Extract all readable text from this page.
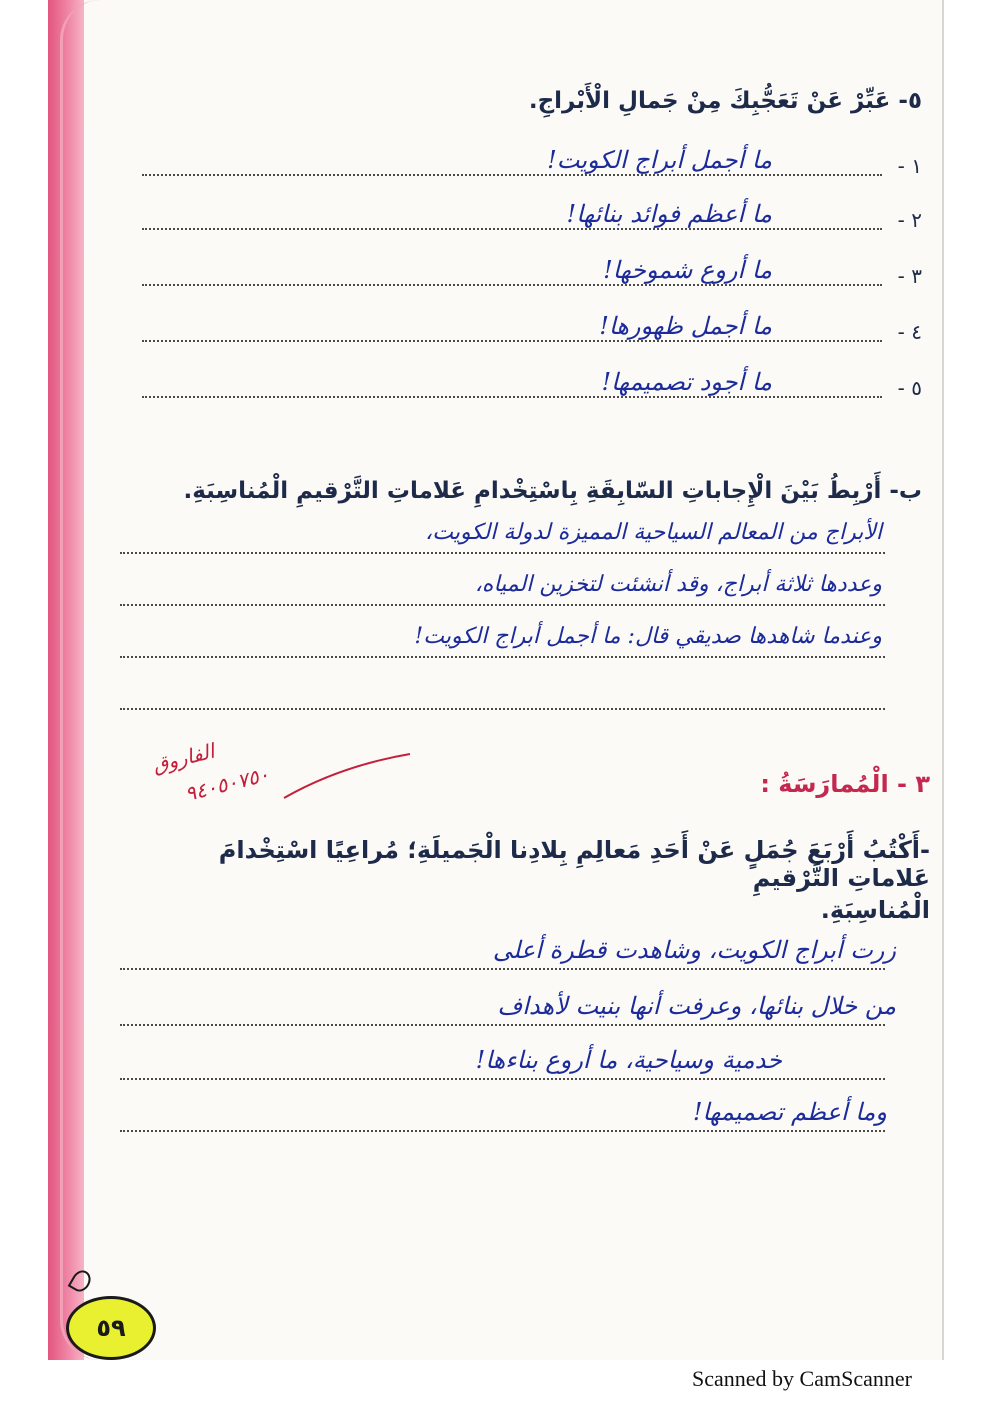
٥- عَبِّرْ عَنْ تَعَجُّبِكَ مِنْ جَمالِ الْأَبْراجِ.
١ -
ما أجمل أبراج الكويت!
٢ -
ما أعظم فوائد بنائها!
٣ -
ما أروع شموخها!
٤ -
ما أجمل ظهورها!
٥ -
ما أجود تصميمها!
ب- أَرْبِطُ بَيْنَ الْإِجاباتِ السّابِقَةِ بِاسْتِخْدامِ عَلاماتِ التَّرْقيمِ الْمُناسِبَةِ.
الأبراج من المعالم السياحية المميزة لدولة الكويت،
وعددها ثلاثة أبراج، وقد أنشئت لتخزين المياه،
وعندما شاهدها صديقي قال: ما أجمل أبراج الكويت!
الفاروق
٩٤٠٥٠٧٥٠	٣ - الْمُمارَسَةُ :
-أَكْتُبُ أَرْبَعَ جُمَلٍ عَنْ أَحَدِ مَعالِمِ بِلادِنا الْجَميلَةِ؛ مُراعِيًا اسْتِخْدامَ عَلاماتِ التَّرْقيمِ
الْمُناسِبَةِ.
زرت أبراج الكويت، وشاهدت قطرة أعلى
من خلال بنائها، وعرفت أنها بنيت لأهداف
خدمية وسياحية، ما أروع بناءها!
وما أعظم تصميمها!
٥٩
Scanned by CamScanner
